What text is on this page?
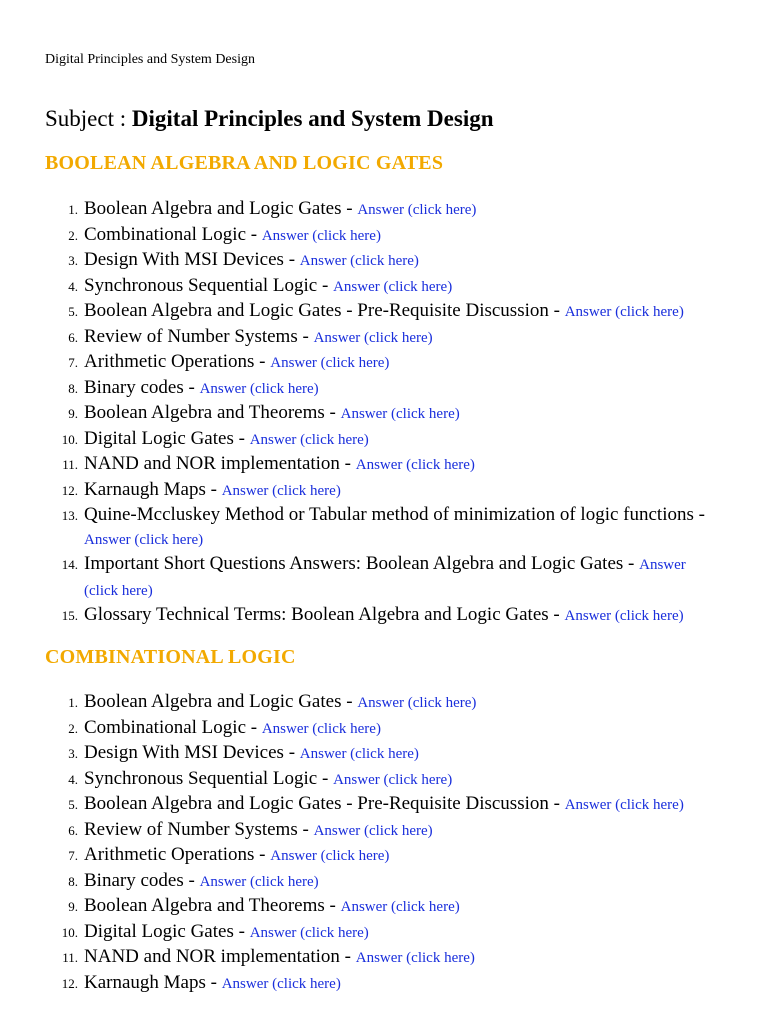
Digital Principles and System Design
Subject : Digital Principles and System Design
BOOLEAN ALGEBRA AND LOGIC GATES
1. Boolean Algebra and Logic Gates - Answer (click here)
2. Combinational Logic - Answer (click here)
3. Design With MSI Devices - Answer (click here)
4. Synchronous Sequential Logic - Answer (click here)
5. Boolean Algebra and Logic Gates - Pre-Requisite Discussion - Answer (click here)
6. Review of Number Systems - Answer (click here)
7. Arithmetic Operations - Answer (click here)
8. Binary codes - Answer (click here)
9. Boolean Algebra and Theorems - Answer (click here)
10. Digital Logic Gates - Answer (click here)
11. NAND and NOR implementation - Answer (click here)
12. Karnaugh Maps - Answer (click here)
13. Quine-Mccluskey Method or Tabular method of minimization of logic functions - Answer (click here)
14. Important Short Questions Answers: Boolean Algebra and Logic Gates - Answer (click here)
15. Glossary Technical Terms: Boolean Algebra and Logic Gates - Answer (click here)
COMBINATIONAL LOGIC
1. Boolean Algebra and Logic Gates - Answer (click here)
2. Combinational Logic - Answer (click here)
3. Design With MSI Devices - Answer (click here)
4. Synchronous Sequential Logic - Answer (click here)
5. Boolean Algebra and Logic Gates - Pre-Requisite Discussion - Answer (click here)
6. Review of Number Systems - Answer (click here)
7. Arithmetic Operations - Answer (click here)
8. Binary codes - Answer (click here)
9. Boolean Algebra and Theorems - Answer (click here)
10. Digital Logic Gates - Answer (click here)
11. NAND and NOR implementation - Answer (click here)
12. Karnaugh Maps - Answer (click here)
